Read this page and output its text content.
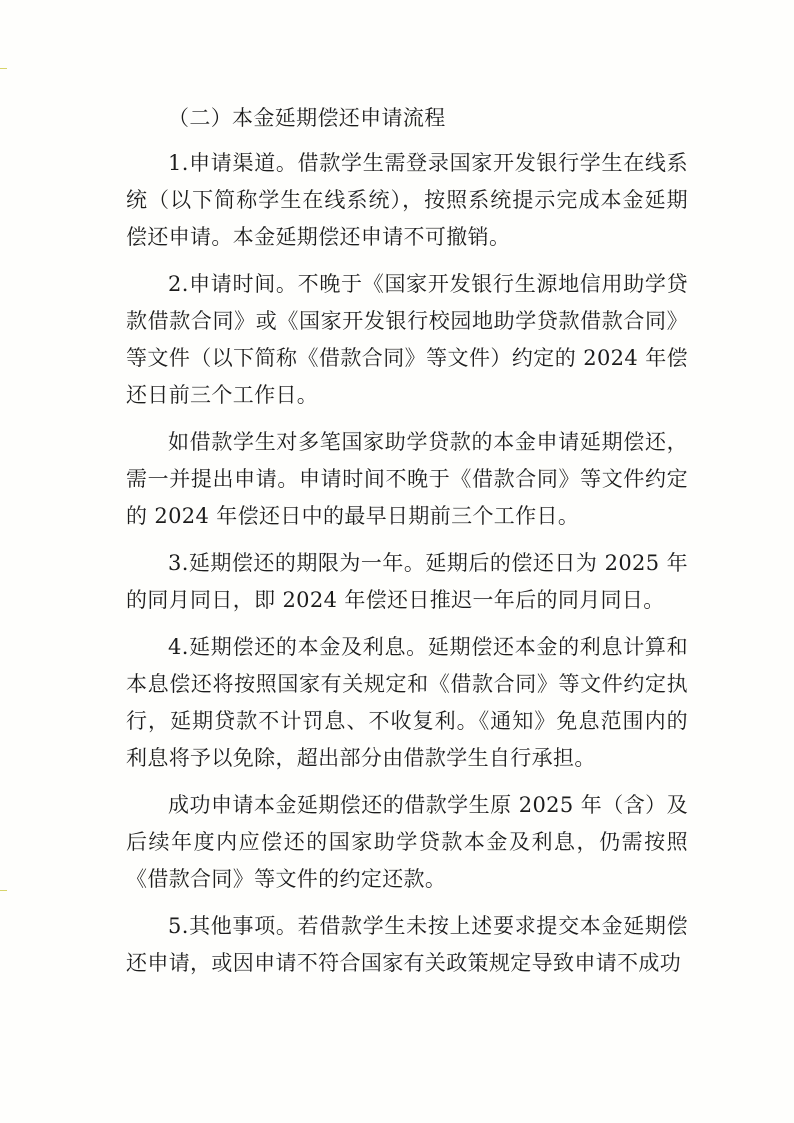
（二）本金延期偿还申请流程

1.申请渠道。借款学生需登录国家开发银行学生在线系统（以下简称学生在线系统），按照系统提示完成本金延期偿还申请。本金延期偿还申请不可撤销。

2.申请时间。不晚于《国家开发银行生源地信用助学贷款借款合同》或《国家开发银行校园地助学贷款借款合同》等文件（以下简称《借款合同》等文件）约定的 2024 年偿还日前三个工作日。

如借款学生对多笔国家助学贷款的本金申请延期偿还，需一并提出申请。申请时间不晚于《借款合同》等文件约定的 2024 年偿还日中的最早日期前三个工作日。

3.延期偿还的期限为一年。延期后的偿还日为 2025 年的同月同日，即 2024 年偿还日推迟一年后的同月同日。

4.延期偿还的本金及利息。延期偿还本金的利息计算和本息偿还将按照国家有关规定和《借款合同》等文件约定执行，延期贷款不计罚息、不收复利。《通知》免息范围内的利息将予以免除，超出部分由借款学生自行承担。

成功申请本金延期偿还的借款学生原 2025 年（含）及后续年度内应偿还的国家助学贷款本金及利息，仍需按照《借款合同》等文件的约定还款。

5.其他事项。若借款学生未按上述要求提交本金延期偿还申请，或因申请不符合国家有关政策规定导致申请不成功
